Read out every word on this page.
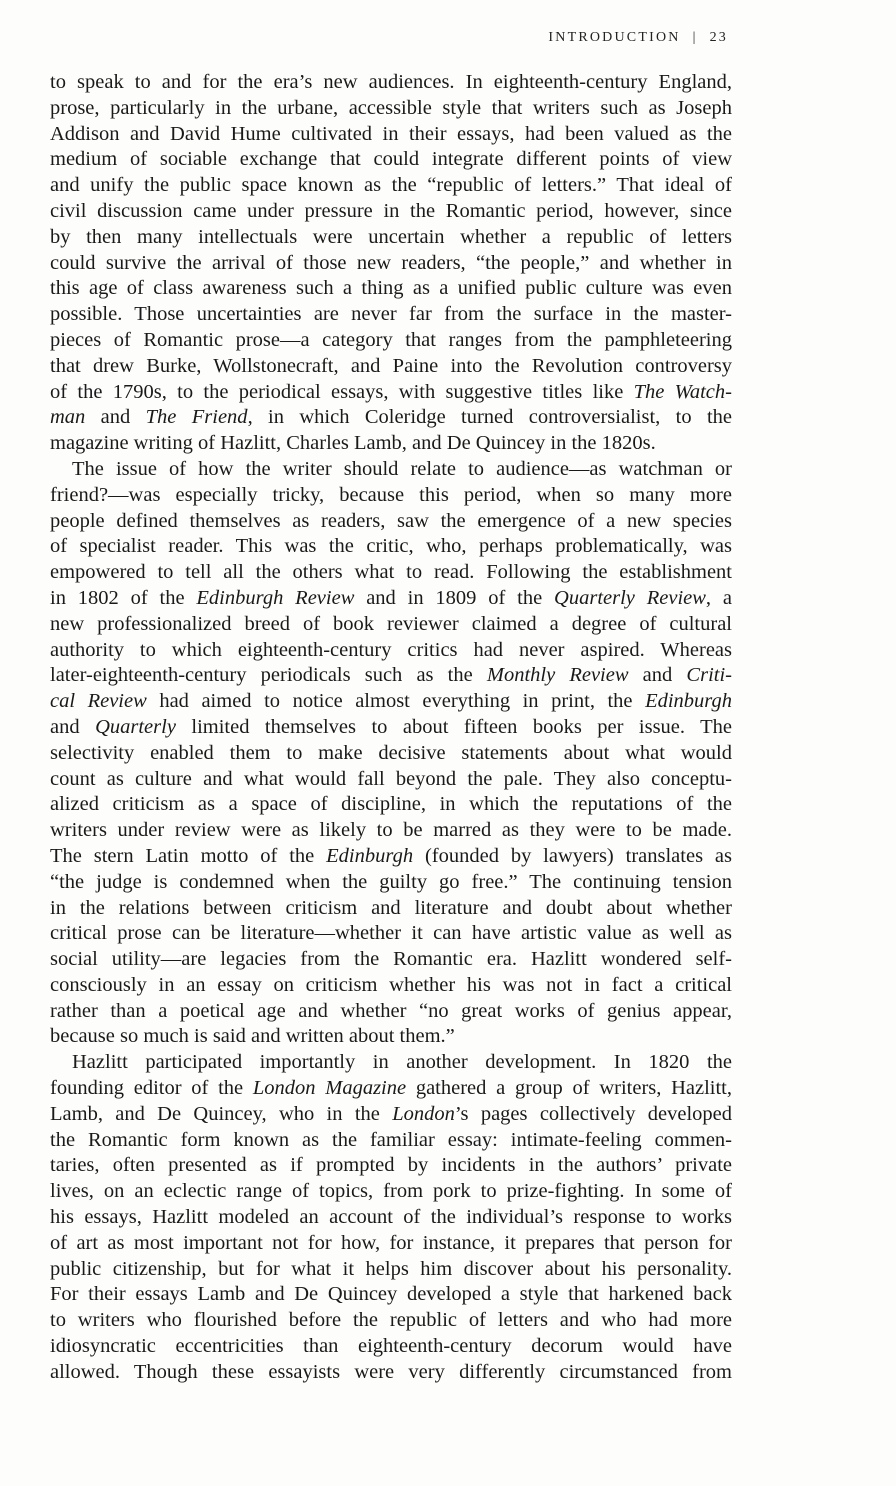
INTRODUCTION | 23
to speak to and for the era’s new audiences. In eighteenth-century England,
prose, particularly in the urbane, accessible style that writers such as Joseph
Addison and David Hume cultivated in their essays, had been valued as the
medium of sociable exchange that could integrate different points of view
and unify the public space known as the “republic of letters.” That ideal of
civil discussion came under pressure in the Romantic period, however, since
by then many intellectuals were uncertain whether a republic of letters
could survive the arrival of those new readers, “the people,” and whether in
this age of class awareness such a thing as a unified public culture was even
possible. Those uncertainties are never far from the surface in the master-
pieces of Romantic prose—a category that ranges from the pamphleteering
that drew Burke, Wollstonecraft, and Paine into the Revolution controversy
of the 1790s, to the periodical essays, with suggestive titles like The Watch-
man and The Friend, in which Coleridge turned controversialist, to the
magazine writing of Hazlitt, Charles Lamb, and De Quincey in the 1820s.
The issue of how the writer should relate to audience—as watchman or
friend?—was especially tricky, because this period, when so many more
people defined themselves as readers, saw the emergence of a new species
of specialist reader. This was the critic, who, perhaps problematically, was
empowered to tell all the others what to read. Following the establishment
in 1802 of the Edinburgh Review and in 1809 of the Quarterly Review, a
new professionalized breed of book reviewer claimed a degree of cultural
authority to which eighteenth-century critics had never aspired. Whereas
later-eighteenth-century periodicals such as the Monthly Review and Criti-
cal Review had aimed to notice almost everything in print, the Edinburgh
and Quarterly limited themselves to about fifteen books per issue. The
selectivity enabled them to make decisive statements about what would
count as culture and what would fall beyond the pale. They also conceptu-
alized criticism as a space of discipline, in which the reputations of the
writers under review were as likely to be marred as they were to be made.
The stern Latin motto of the Edinburgh (founded by lawyers) translates as
“the judge is condemned when the guilty go free.” The continuing tension
in the relations between criticism and literature and doubt about whether
critical prose can be literature—whether it can have artistic value as well as
social utility—are legacies from the Romantic era. Hazlitt wondered self-
consciously in an essay on criticism whether his was not in fact a critical
rather than a poetical age and whether “no great works of genius appear,
because so much is said and written about them.”
Hazlitt participated importantly in another development. In 1820 the
founding editor of the London Magazine gathered a group of writers, Hazlitt,
Lamb, and De Quincey, who in the London’s pages collectively developed
the Romantic form known as the familiar essay: intimate-feeling commen-
taries, often presented as if prompted by incidents in the authors’ private
lives, on an eclectic range of topics, from pork to prize-fighting. In some of
his essays, Hazlitt modeled an account of the individual’s response to works
of art as most important not for how, for instance, it prepares that person for
public citizenship, but for what it helps him discover about his personality.
For their essays Lamb and De Quincey developed a style that harkened back
to writers who flourished before the republic of letters and who had more
idiosyncratic eccentricities than eighteenth-century decorum would have
allowed. Though these essayists were very differently circumstanced from
